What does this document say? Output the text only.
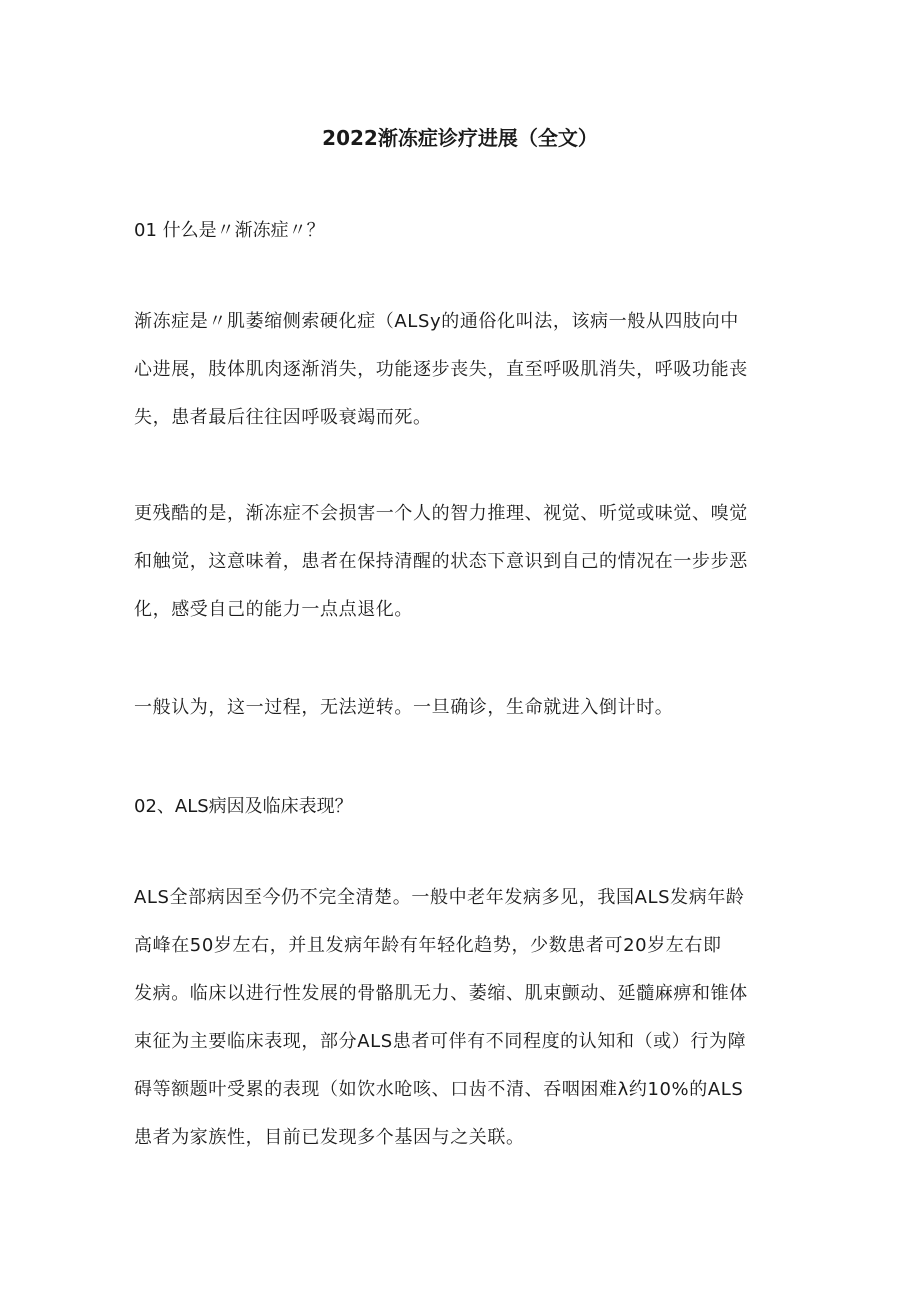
2022渐冻症诊疗进展（全文）
01 什么是〃渐冻症〃？

渐冻症是〃肌萎缩侧索硬化症（ALSy的通俗化叫法，该病一般从四肢向中
心进展，肢体肌肉逐渐消失，功能逐步丧失，直至呼吸肌消失，呼吸功能丧
失，患者最后往往因呼吸衰竭而死。

更残酷的是，渐冻症不会损害一个人的智力推理、视觉、听觉或味觉、嗅觉
和触觉，这意味着，患者在保持清醒的状态下意识到自己的情况在一步步恶
化，感受自己的能力一点点退化。

一般认为，这一过程，无法逆转。一旦确诊，生命就进入倒计时。

02、ALS病因及临床表现？

ALS全部病因至今仍不完全清楚。一般中老年发病多见，我国ALS发病年龄
高峰在50岁左右，并且发病年龄有年轻化趋势，少数患者可20岁左右即
发病。临床以进行性发展的骨骼肌无力、萎缩、肌束颤动、延髓麻痹和锥体
束征为主要临床表现，部分ALS患者可伴有不同程度的认知和（或）行为障
碍等额题叶受累的表现（如饮水呛咳、口齿不清、吞咽困难λ约10%的ALS
患者为家族性，目前已发现多个基因与之关联。
